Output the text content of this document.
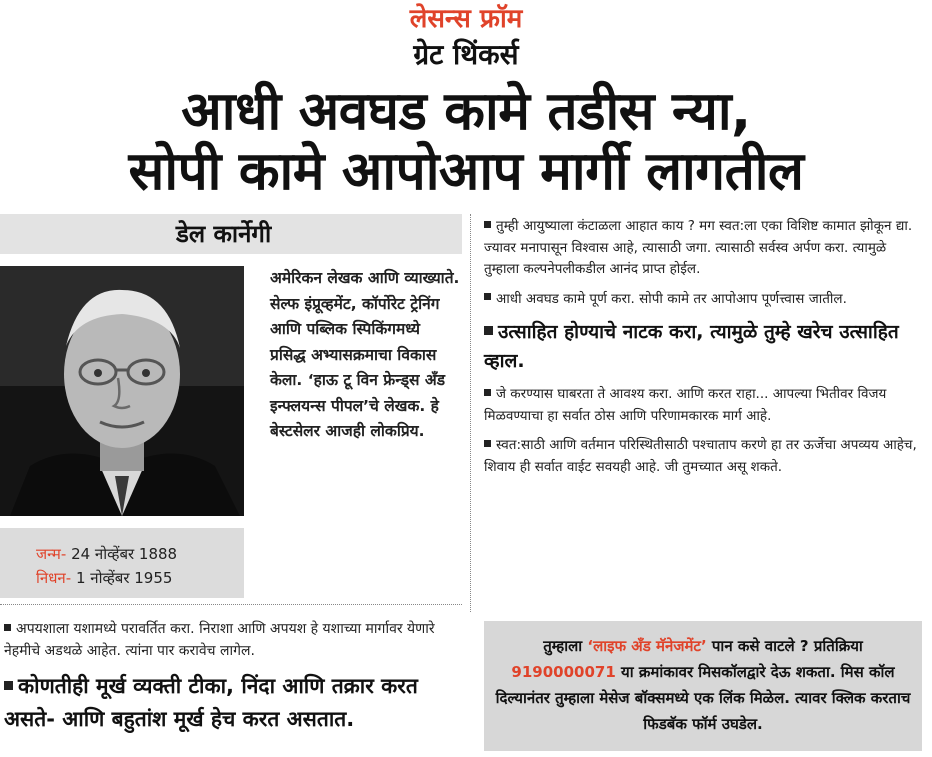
लेसन्स फ्रॉम
ग्रेट थिंकर्स
आधी अवघड कामे तडीस न्या,
सोपी कामे आपोआप मार्गी लागतील
डेल कार्नेगी
अमेरिकन लेखक आणि व्याख्याते. सेल्फ इंप्रूव्हमेंट, कॉर्पोरेट ट्रेनिंग आणि पब्लिक स्पिकिंगमध्ये प्रसिद्ध अभ्यासक्रमाचा विकास केला. ‘हाऊ टू विन फ्रेन्ड्स अँड इन्फ्लयन्स पीपल’चे लेखक. हे बेस्टसेलर आजही लोकप्रिय.
जन्म- 24 नोव्हेंबर 1888
निधन- 1 नोव्हेंबर 1955
तुम्ही आयुष्याला कंटाळला आहात काय ? मग स्वत:ला एका विशिष्ट कामात झोकून द्या. ज्यावर मनापासून विश्वास आहे, त्यासाठी जगा. त्यासाठी सर्वस्व अर्पण करा. त्यामुळे तुम्हाला कल्पनेपलीकडील आनंद प्राप्त होईल.
आधी अवघड कामे पूर्ण करा. सोपी कामे तर आपोआप पूर्णत्त्वास जातील.
उत्साहित होण्याचे नाटक करा, त्यामुळे तुम्हे खरेच उत्साहित व्हाल.
जे करण्यास घाबरता ते आवश्य करा. आणि करत राहा... आपल्या भितीवर विजय मिळवण्याचा हा सर्वात ठोस आणि परिणामकारक मार्ग आहे.
स्वत:साठी आणि वर्तमान परिस्थितीसाठी पश्चाताप करणे हा तर ऊर्जेचा अपव्यय आहेच, शिवाय ही सर्वात वाईट सवयही आहे. जी तुमच्यात असू शकते.
अपयशाला यशामध्ये परावर्तित करा. निराशा आणि अपयश हे यशाच्या मार्गावर येणारे नेहमीचे अडथळे आहेत. त्यांना पार करावेच लागेल.
कोणतीही मूर्ख व्यक्ती टीका, निंदा आणि तक्रार करत असते- आणि बहुतांश मूर्ख हेच करत असतात.
तुम्हाला ‘लाइफ अँड मॅनेजमेंट’ पान कसे वाटले ? प्रतिक्रिया 9190000071 या क्रमांकावर मिसकॉलद्वारे देऊ शकता. मिस कॉल दिल्यानंतर तुम्हाला मेसेज बॉक्समध्ये एक लिंक मिळेल. त्यावर क्लिक करताच फिडबॅक फॉर्म उघडेल.
